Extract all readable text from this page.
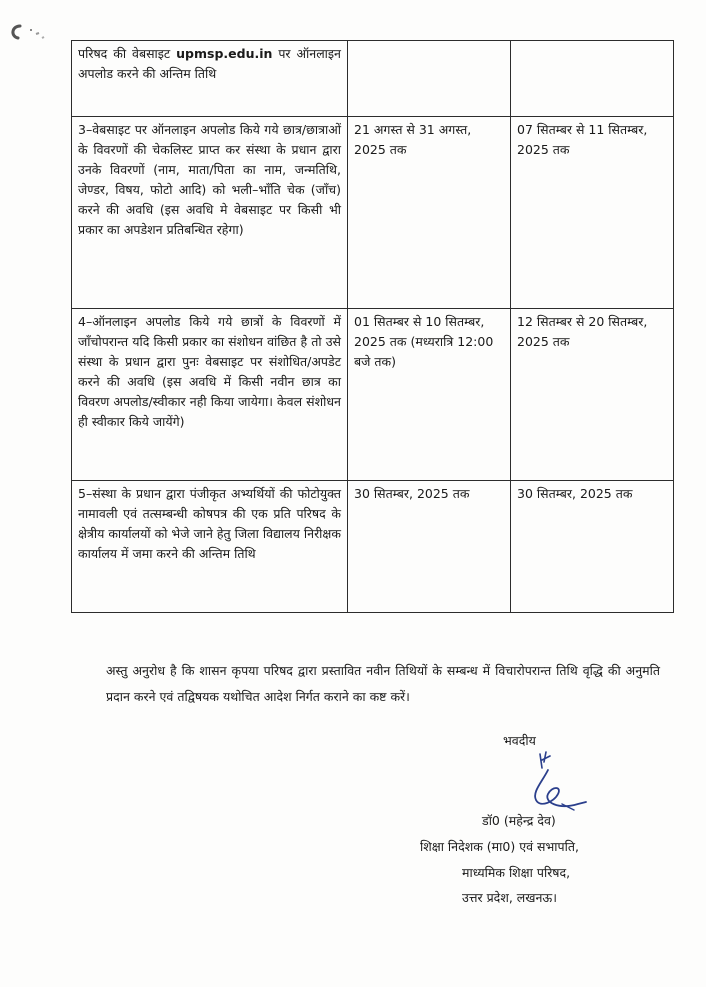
परिषद की वेबसाइट upmsp.edu.in पर ऑनलाइन अपलोड करने की अन्तिम तिथि		
3–वेबसाइट पर ऑनलाइन अपलोड किये गये छात्र/छात्राओं के विवरणों की चेकलिस्ट प्राप्त कर संस्था के प्रधान द्वारा उनके विवरणों (नाम, माता/पिता का नाम, जन्मतिथि, जेण्डर, विषय, फोटो आदि) को भली–भाँति चेक (जाँच) करने की अवधि (इस अवधि मे वेबसाइट पर किसी भी प्रकार का अपडेशन प्रतिबन्धित रहेगा)	21 अगस्त से 31 अगस्त, 2025 तक	07 सितम्बर से 11 सितम्बर, 2025 तक
4–ऑनलाइन अपलोड किये गये छात्रों के विवरणों में जाँचोपरान्त यदि किसी प्रकार का संशोधन वांछित है तो उसे संस्था के प्रधान द्वारा पुनः वेबसाइट पर संशोधित/अपडेट करने की अवधि (इस अवधि में किसी नवीन छात्र का विवरण अपलोड/स्वीकार नही किया जायेगा। केवल संशोधन ही स्वीकार किये जायेंगे)	01 सितम्बर से 10 सितम्बर, 2025 तक (मध्यरात्रि 12:00 बजे तक)	12 सितम्बर से 20 सितम्बर, 2025 तक
5–संस्था के प्रधान द्वारा पंजीकृत अभ्यर्थियों की फोटोयुक्त नामावली एवं तत्सम्बन्धी कोषपत्र की एक प्रति परिषद के क्षेत्रीय कार्यालयों को भेजे जाने हेतु जिला विद्यालय निरीक्षक कार्यालय में जमा करने की अन्तिम तिथि	30 सितम्बर, 2025 तक	30 सितम्बर, 2025 तक
अस्तु अनुरोध है कि शासन कृपया परिषद द्वारा प्रस्तावित नवीन तिथियों के सम्बन्ध में विचारोपरान्त तिथि वृद्धि की अनुमति प्रदान करने एवं तद्विषयक यथोचित आदेश निर्गत कराने का कष्ट करें।
भवदीय
डॉ0 (महेन्द्र देव)
शिक्षा निदेशक (मा0) एवं सभापति,
माध्यमिक शिक्षा परिषद,
उत्तर प्रदेश, लखनऊ।
